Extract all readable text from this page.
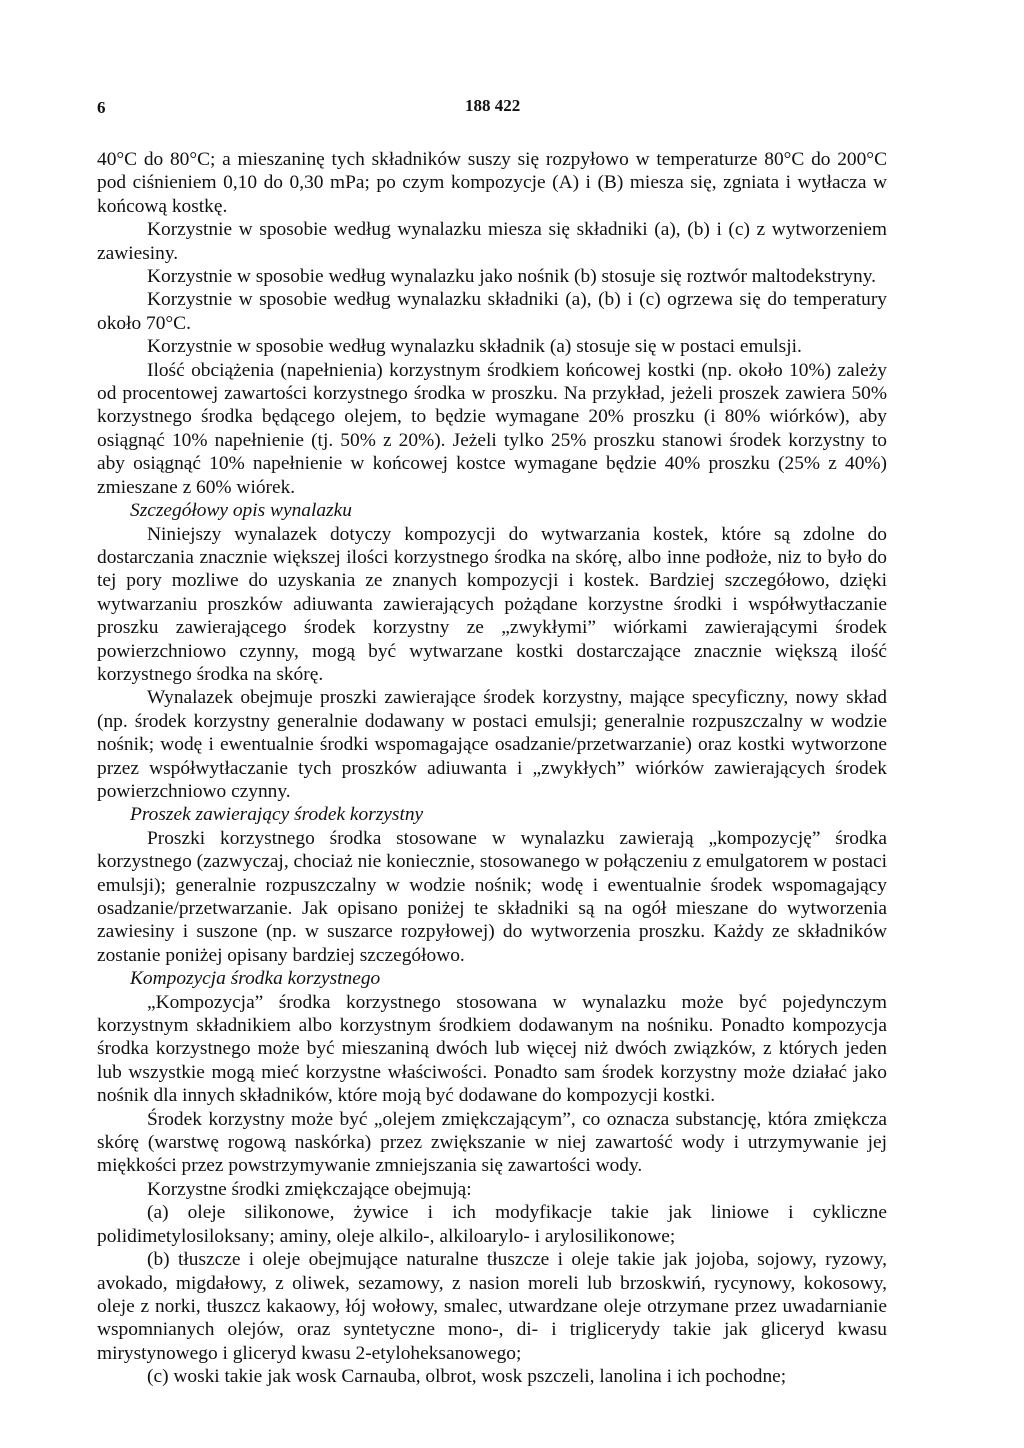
6	188 422

40°C do 80°C; a mieszaninę tych składników suszy się rozpyłowo w temperaturze 80°C do 200°C pod ciśnieniem 0,10 do 0,30 mPa; po czym kompozycje (A) i (B) miesza się, zgniata i wytłacza w końcową kostkę.

Korzystnie w sposobie według wynalazku miesza się składniki (a), (b) i (c) z wytworzeniem zawiesiny.

Korzystnie w sposobie według wynalazku jako nośnik (b) stosuje się roztwór maltodekstryny.

Korzystnie w sposobie według wynalazku składniki (a), (b) i (c) ogrzewa się do temperatury około 70°C.

Korzystnie w sposobie według wynalazku składnik (a) stosuje się w postaci emulsji.

Ilość obciążenia (napełnienia) korzystnym środkiem końcowej kostki (np. około 10%) zależy od procentowej zawartości korzystnego środka w proszku. Na przykład, jeżeli proszek zawiera 50% korzystnego środka będącego olejem, to będzie wymagane 20% proszku (i 80% wiórków), aby osiągnąć 10% napełnienie (tj. 50% z 20%). Jeżeli tylko 25% proszku stanowi środek korzystny to aby osiągnąć 10% napełnienie w końcowej kostce wymagane będzie 40% proszku (25% z 40%) zmieszane z 60% wiórek.

Szczegółowy opis wynalazku

Niniejszy wynalazek dotyczy kompozycji do wytwarzania kostek, które są zdolne do dostarczania znacznie większej ilości korzystnego środka na skórę, albo inne podłoże, niz to było do tej pory mozliwe do uzyskania ze znanych kompozycji i kostek. Bardziej szczegółowo, dzięki wytwarzaniu proszków adiuwanta zawierających pożądane korzystne środki i współwytłaczanie proszku zawierającego środek korzystny ze „zwykłymi” wiórkami zawierającymi środek powierzchniowo czynny, mogą być wytwarzane kostki dostarczające znacznie większą ilość korzystnego środka na skórę.

Wynalazek obejmuje proszki zawierające środek korzystny, mające specyficzny, nowy skład (np. środek korzystny generalnie dodawany w postaci emulsji; generalnie rozpuszczalny w wodzie nośnik; wodę i ewentualnie środki wspomagające osadzanie/przetwarzanie) oraz kostki wytworzone przez współwytłaczanie tych proszków adiuwanta i „zwykłych” wiórków zawierających środek powierzchniowo czynny.

Proszek zawierający środek korzystny

Proszki korzystnego środka stosowane w wynalazku zawierają „kompozycję” środka korzystnego (zazwyczaj, chociaż nie koniecznie, stosowanego w połączeniu z emulgatorem w postaci emulsji); generalnie rozpuszczalny w wodzie nośnik; wodę i ewentualnie środek wspomagający osadzanie/przetwarzanie. Jak opisano poniżej te składniki są na ogół mieszane do wytworzenia zawiesiny i suszone (np. w suszarce rozpyłowej) do wytworzenia proszku. Każdy ze składników zostanie poniżej opisany bardziej szczegółowo.

Kompozycja środka korzystnego

„Kompozycja” środka korzystnego stosowana w wynalazku może być pojedynczym korzystnym składnikiem albo korzystnym środkiem dodawanym na nośniku. Ponadto kompozycja środka korzystnego może być mieszaniną dwóch lub więcej niż dwóch związków, z których jeden lub wszystkie mogą mieć korzystne właściwości. Ponadto sam środek korzystny może działać jako nośnik dla innych składników, które moją być dodawane do kompozycji kostki.

Środek korzystny może być „olejem zmiękczającym”, co oznacza substancję, która zmiękcza skórę (warstwę rogową naskórka) przez zwiększanie w niej zawartość wody i utrzymywanie jej miękkości przez powstrzymywanie zmniejszania się zawartości wody.

Korzystne środki zmiękczające obejmują:

(a) oleje silikonowe, żywice i ich modyfikacje takie jak liniowe i cykliczne polidimetylosiloksany; aminy, oleje alkilo-, alkiloarylo- i arylosilikonowe;

(b) tłuszcze i oleje obejmujące naturalne tłuszcze i oleje takie jak jojoba, sojowy, ryzowy, avokado, migdałowy, z oliwek, sezamowy, z nasion moreli lub brzoskwiń, rycynowy, kokosowy, oleje z norki, tłuszcz kakaowy, łój wołowy, smalec, utwardzane oleje otrzymane przez uwadarnianie wspomnianych olejów, oraz syntetyczne mono-, di- i triglicerydy takie jak gliceryd kwasu mirystynowego i gliceryd kwasu 2-etyloheksanowego;

(c) woski takie jak wosk Carnauba, olbrot, wosk pszczeli, lanolina i ich pochodne;
